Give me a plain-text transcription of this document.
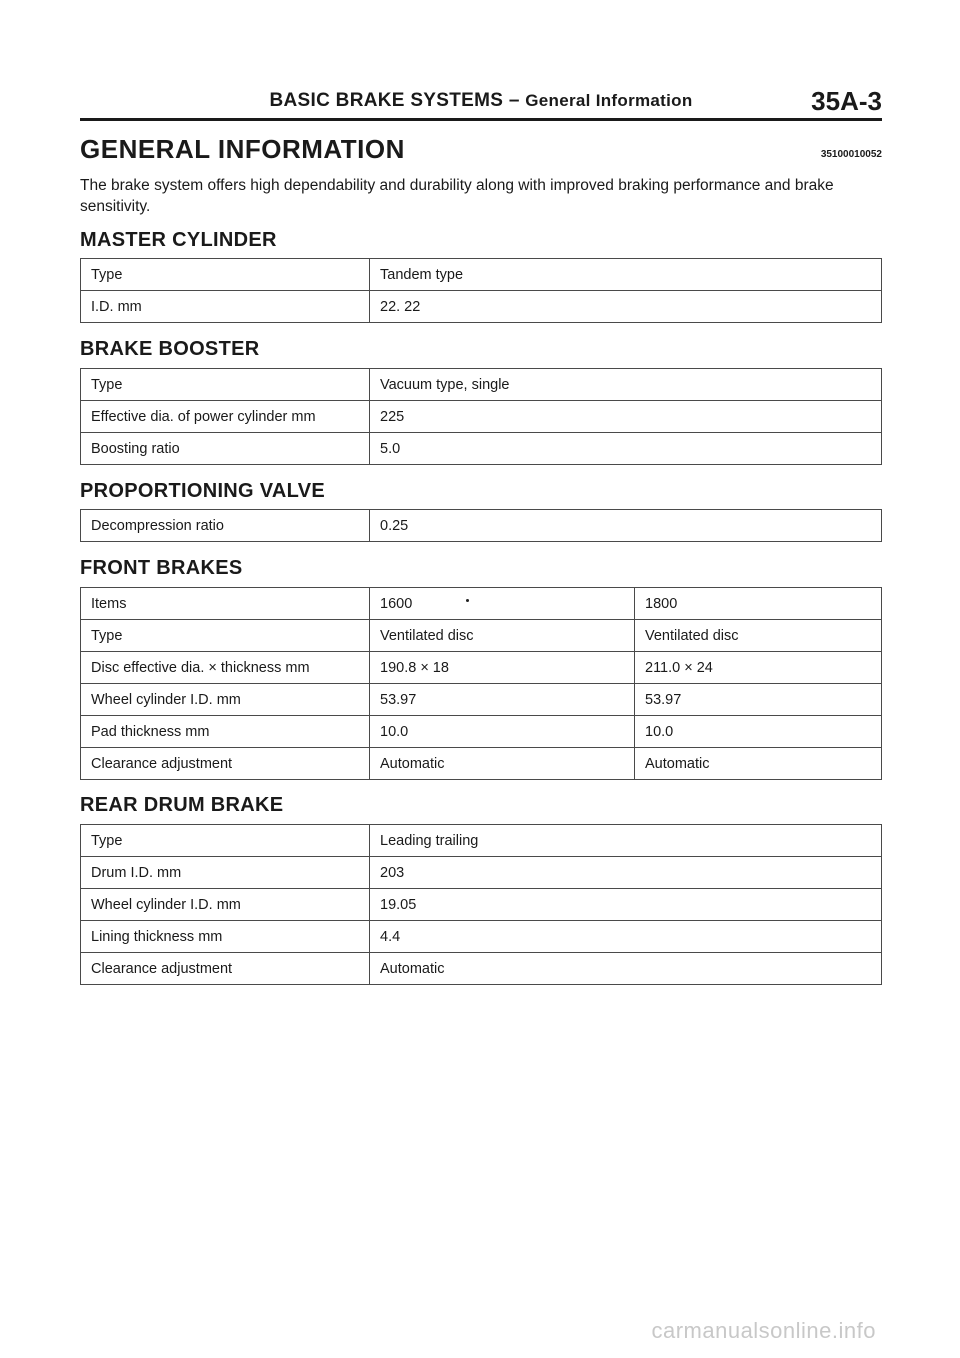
BASIC BRAKE SYSTEMS – General Information	35A-3
GENERAL INFORMATION	35100010052
The brake system offers high dependability and durability along with improved braking performance and brake sensitivity.
MASTER CYLINDER
Type	Tandem type
I.D. mm	22. 22
BRAKE BOOSTER
Type	Vacuum type, single
Effective dia. of power cylinder mm	225
Boosting ratio	5.0
PROPORTIONING VALVE
Decompression ratio	0.25
FRONT BRAKES
Items	1600	1800
Type	Ventilated disc	Ventilated disc
Disc effective dia. × thickness mm	190.8 × 18	211.0 × 24
Wheel cylinder I.D. mm	53.97	53.97
Pad thickness mm	10.0	10.0
Clearance adjustment	Automatic	Automatic
REAR DRUM BRAKE
Type	Leading trailing
Drum I.D. mm	203
Wheel cylinder I.D. mm	19.05
Lining thickness mm	4.4
Clearance adjustment	Automatic
carmanualsonline.info
